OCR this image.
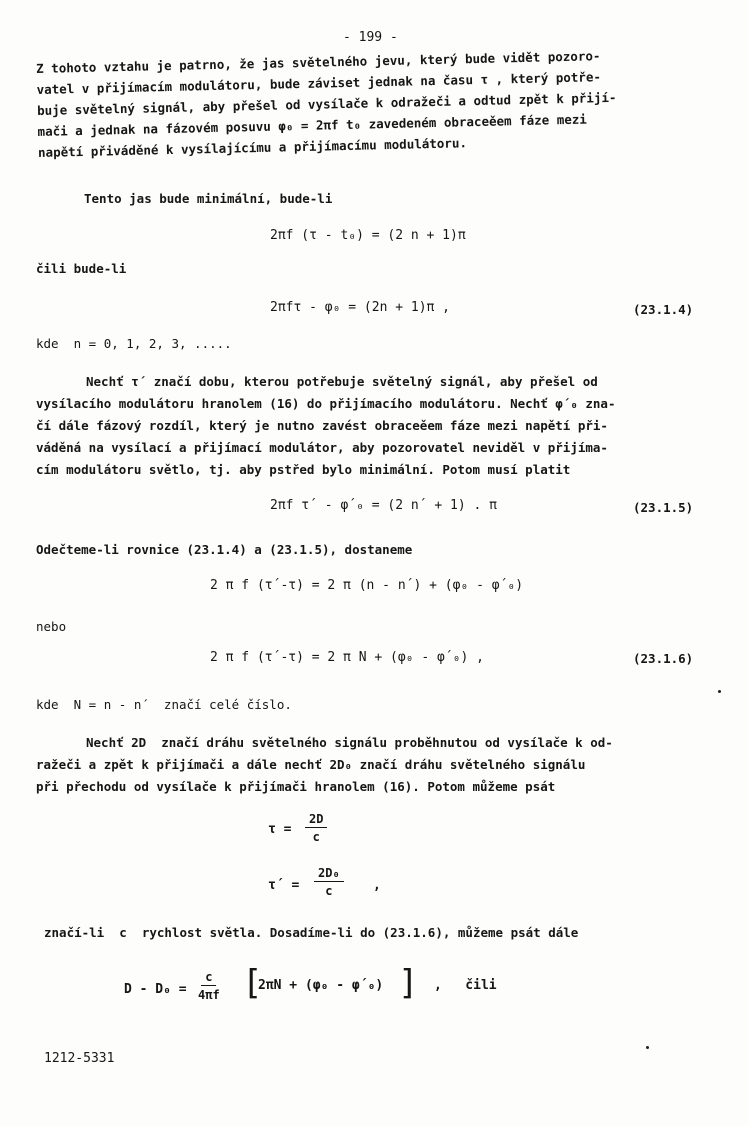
- 199 -
Z tohoto vztahu je patrno, že jas světelného jevu, který bude vidět pozoro-
vatel v přijímacím modulátoru, bude záviset jednak na času τ , který potře-
buje světelný signál, aby přešel od vysílače k odražeči a odtud zpět k přijí-
mači a jednak na fázovém posuvu φ₀ = 2πf t₀ zavedeném obraceěem fáze mezi
napětí přiváděné k vysílajícímu a přijímacímu modulátoru.
Tento jas bude minimální, bude-li
2πf (τ - t₀) = (2 n + 1)π
čili bude-li
2πfτ - φ₀ = (2n + 1)π ,	(23.1.4)
kde  n = 0, 1, 2, 3, .....
Nechť τ´ značí dobu, kterou potřebuje světelný signál, aby přešel od
vysílacího modulátoru hranolem (16) do přijímacího modulátoru. Nechť φ´₀ zna-
čí dále fázový rozdíl, který je nutno zavést obraceěem fáze mezi napětí při-
váděná na vysílací a přijímací modulátor, aby pozorovatel neviděl v přijíma-
cím modulátoru světlo, tj. aby pstřed bylo minimální. Potom musí platit
2πf τ´ - φ´₀ = (2 n´ + 1) . π	(23.1.5)
Odečteme-li rovnice (23.1.4) a (23.1.5), dostaneme
2 π f (τ´-τ) = 2 π (n - n´) + (φ₀ - φ´₀)
nebo
2 π f (τ´-τ) = 2 π N + (φ₀ - φ´₀) ,	(23.1.6)
kde  N = n - n´  značí celé číslo.
Nechť 2D  značí dráhu světelného signálu proběhnutou od vysílače k od-
ražeči a zpět k přijímači a dále nechť 2D₀ značí dráhu světelného signálu
při přechodu od vysílače k přijímači hranolem (16). Potom můžeme psát
$\tau = \frac{2D}{c}$
τ´ = $\frac{\text{2D₀}}{c}$ ,
značí-li  c  rychlost světla. Dosadíme-li do (23.1.6), můžeme psát dále
$D - D_0 = \frac{c}{4\pi f}$ [
2πN + (φ₀ - φ´₀) ] ,   čili
1212-5331
